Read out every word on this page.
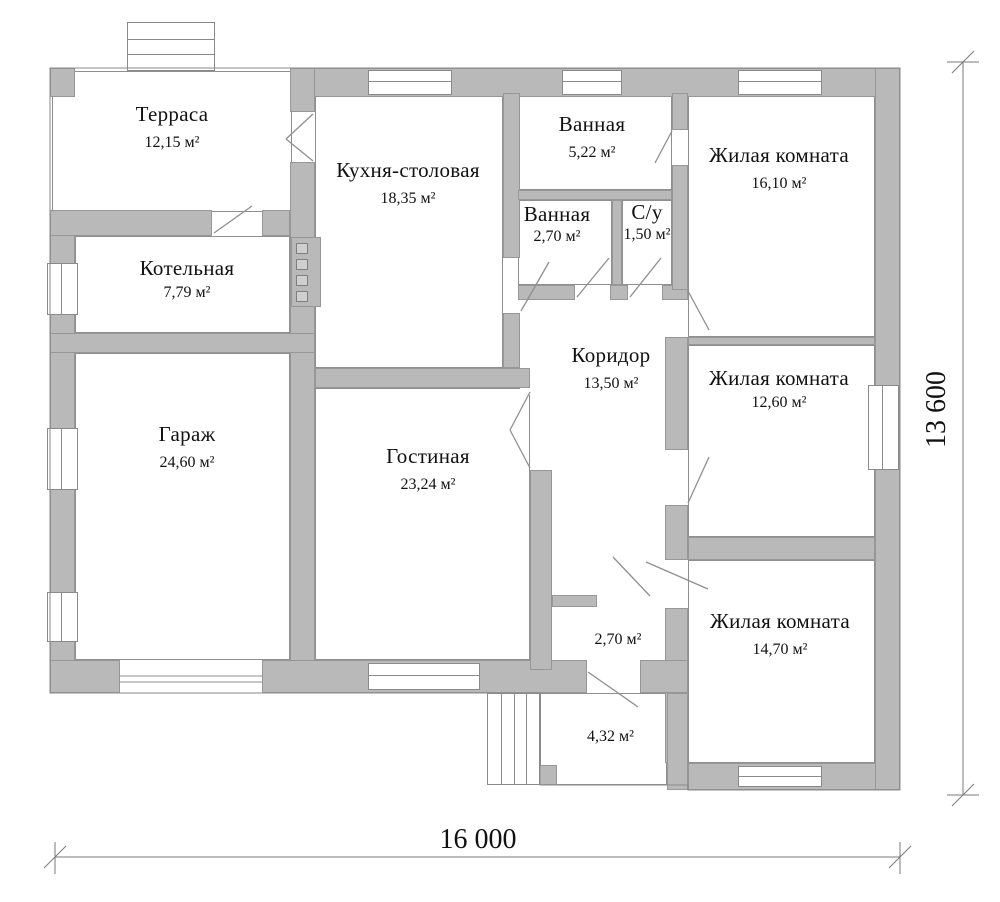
Терраса
12,15 м²
Кухня-столовая
18,35 м²
Ванная
5,22 м²
Ванная
2,70 м²
С/у
1,50 м²
Жилая комната
16,10 м²
Котельная
7,79 м²
Коридор
13,50 м²	Жилая комната
12,60 м²
Гараж
24,60 м²	Гостиная
23,24 м²
2,70 м²
Жилая комната
14,70 м²
4,32 м²
16 000
13 600
